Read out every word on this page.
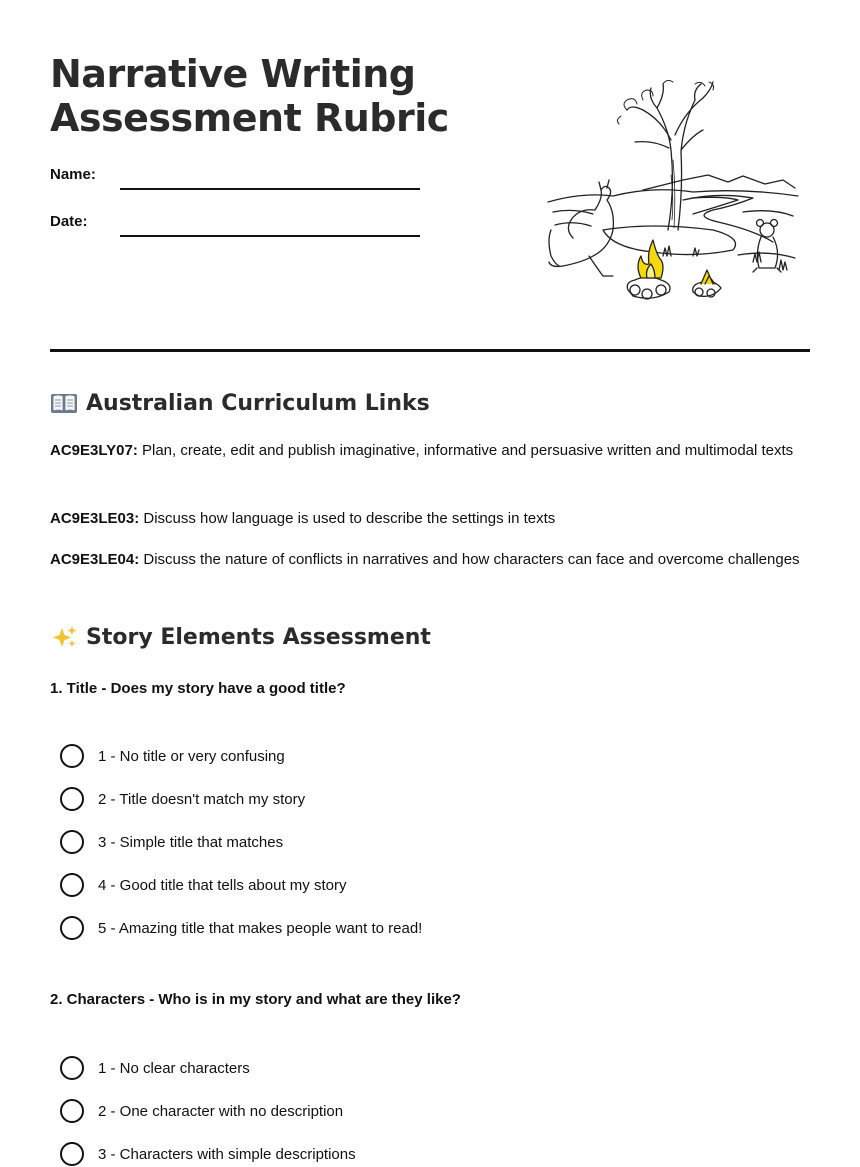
Narrative Writing Assessment Rubric
Name:
Date:
Australian Curriculum Links

AC9E3LY07: Plan, create, edit and publish imaginative, informative and persuasive written and multimodal texts

AC9E3LE03: Discuss how language is used to describe the settings in texts

AC9E3LE04: Discuss the nature of conflicts in narratives and how characters can face and overcome challenges

Story Elements Assessment

1. Title - Does my story have a good title?

1 - No title or very confusing
2 - Title doesn't match my story
3 - Simple title that matches
4 - Good title that tells about my story
5 - Amazing title that makes people want to read!

2. Characters - Who is in my story and what are they like?

1 - No clear characters
2 - One character with no description
3 - Characters with simple descriptions
